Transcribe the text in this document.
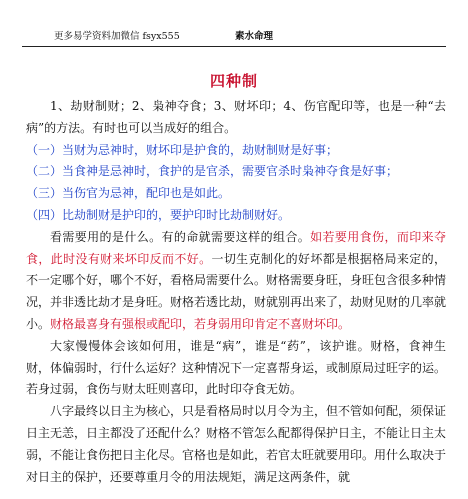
更多易学资料加微信 fsyx555	素水命理
四种制

1、劫财制财；2、枭神夺食；3、财坏印；4、伤官配印等，也是一种“去病”的方法。有时也可以当成好的组合。

（一）当财为忌神时，财坏印是护食的，劫财制财是好事；

（二）当食神是忌神时，食护的是官杀，需要官杀时枭神夺食是好事；

（三）当伤官为忌神，配印也是如此。

（四）比劫制财是护印的，要护印时比劫制财好。

看需要用的是什么。有的命就需要这样的组合。如若要用食伤，而印来夺食，此时没有财来坏印反而不好。一切生克制化的好坏都是根据格局来定的，不一定哪个好，哪个不好，看格局需要什么。财格需要身旺，身旺包含很多种情况，并非透比劫才是身旺。财格若透比劫，财就别再出来了，劫财见财的几率就小。财格最喜身有强根或配印，若身弱用印肯定不喜财坏印。

大家慢慢体会该如何用，谁是“病”，谁是“药”，该护谁。财格，食神生财，体偏弱时，行什么运好？这种情况下一定喜帮身运，或制原局过旺字的运。若身过弱，食伤与财太旺则喜印，此时印夺食无妨。

八字最终以日主为核心，只是看格局时以月令为主，但不管如何配，须保证日主无恙，日主都没了还配什么？财格不管怎么配都得保护日主，不能让日主太弱，不能让食伤把日主化尽。官格也是如此，若官太旺就要用印。用什么取决于对日主的保护，还要尊重月令的用法规矩，满足这两条件，就
